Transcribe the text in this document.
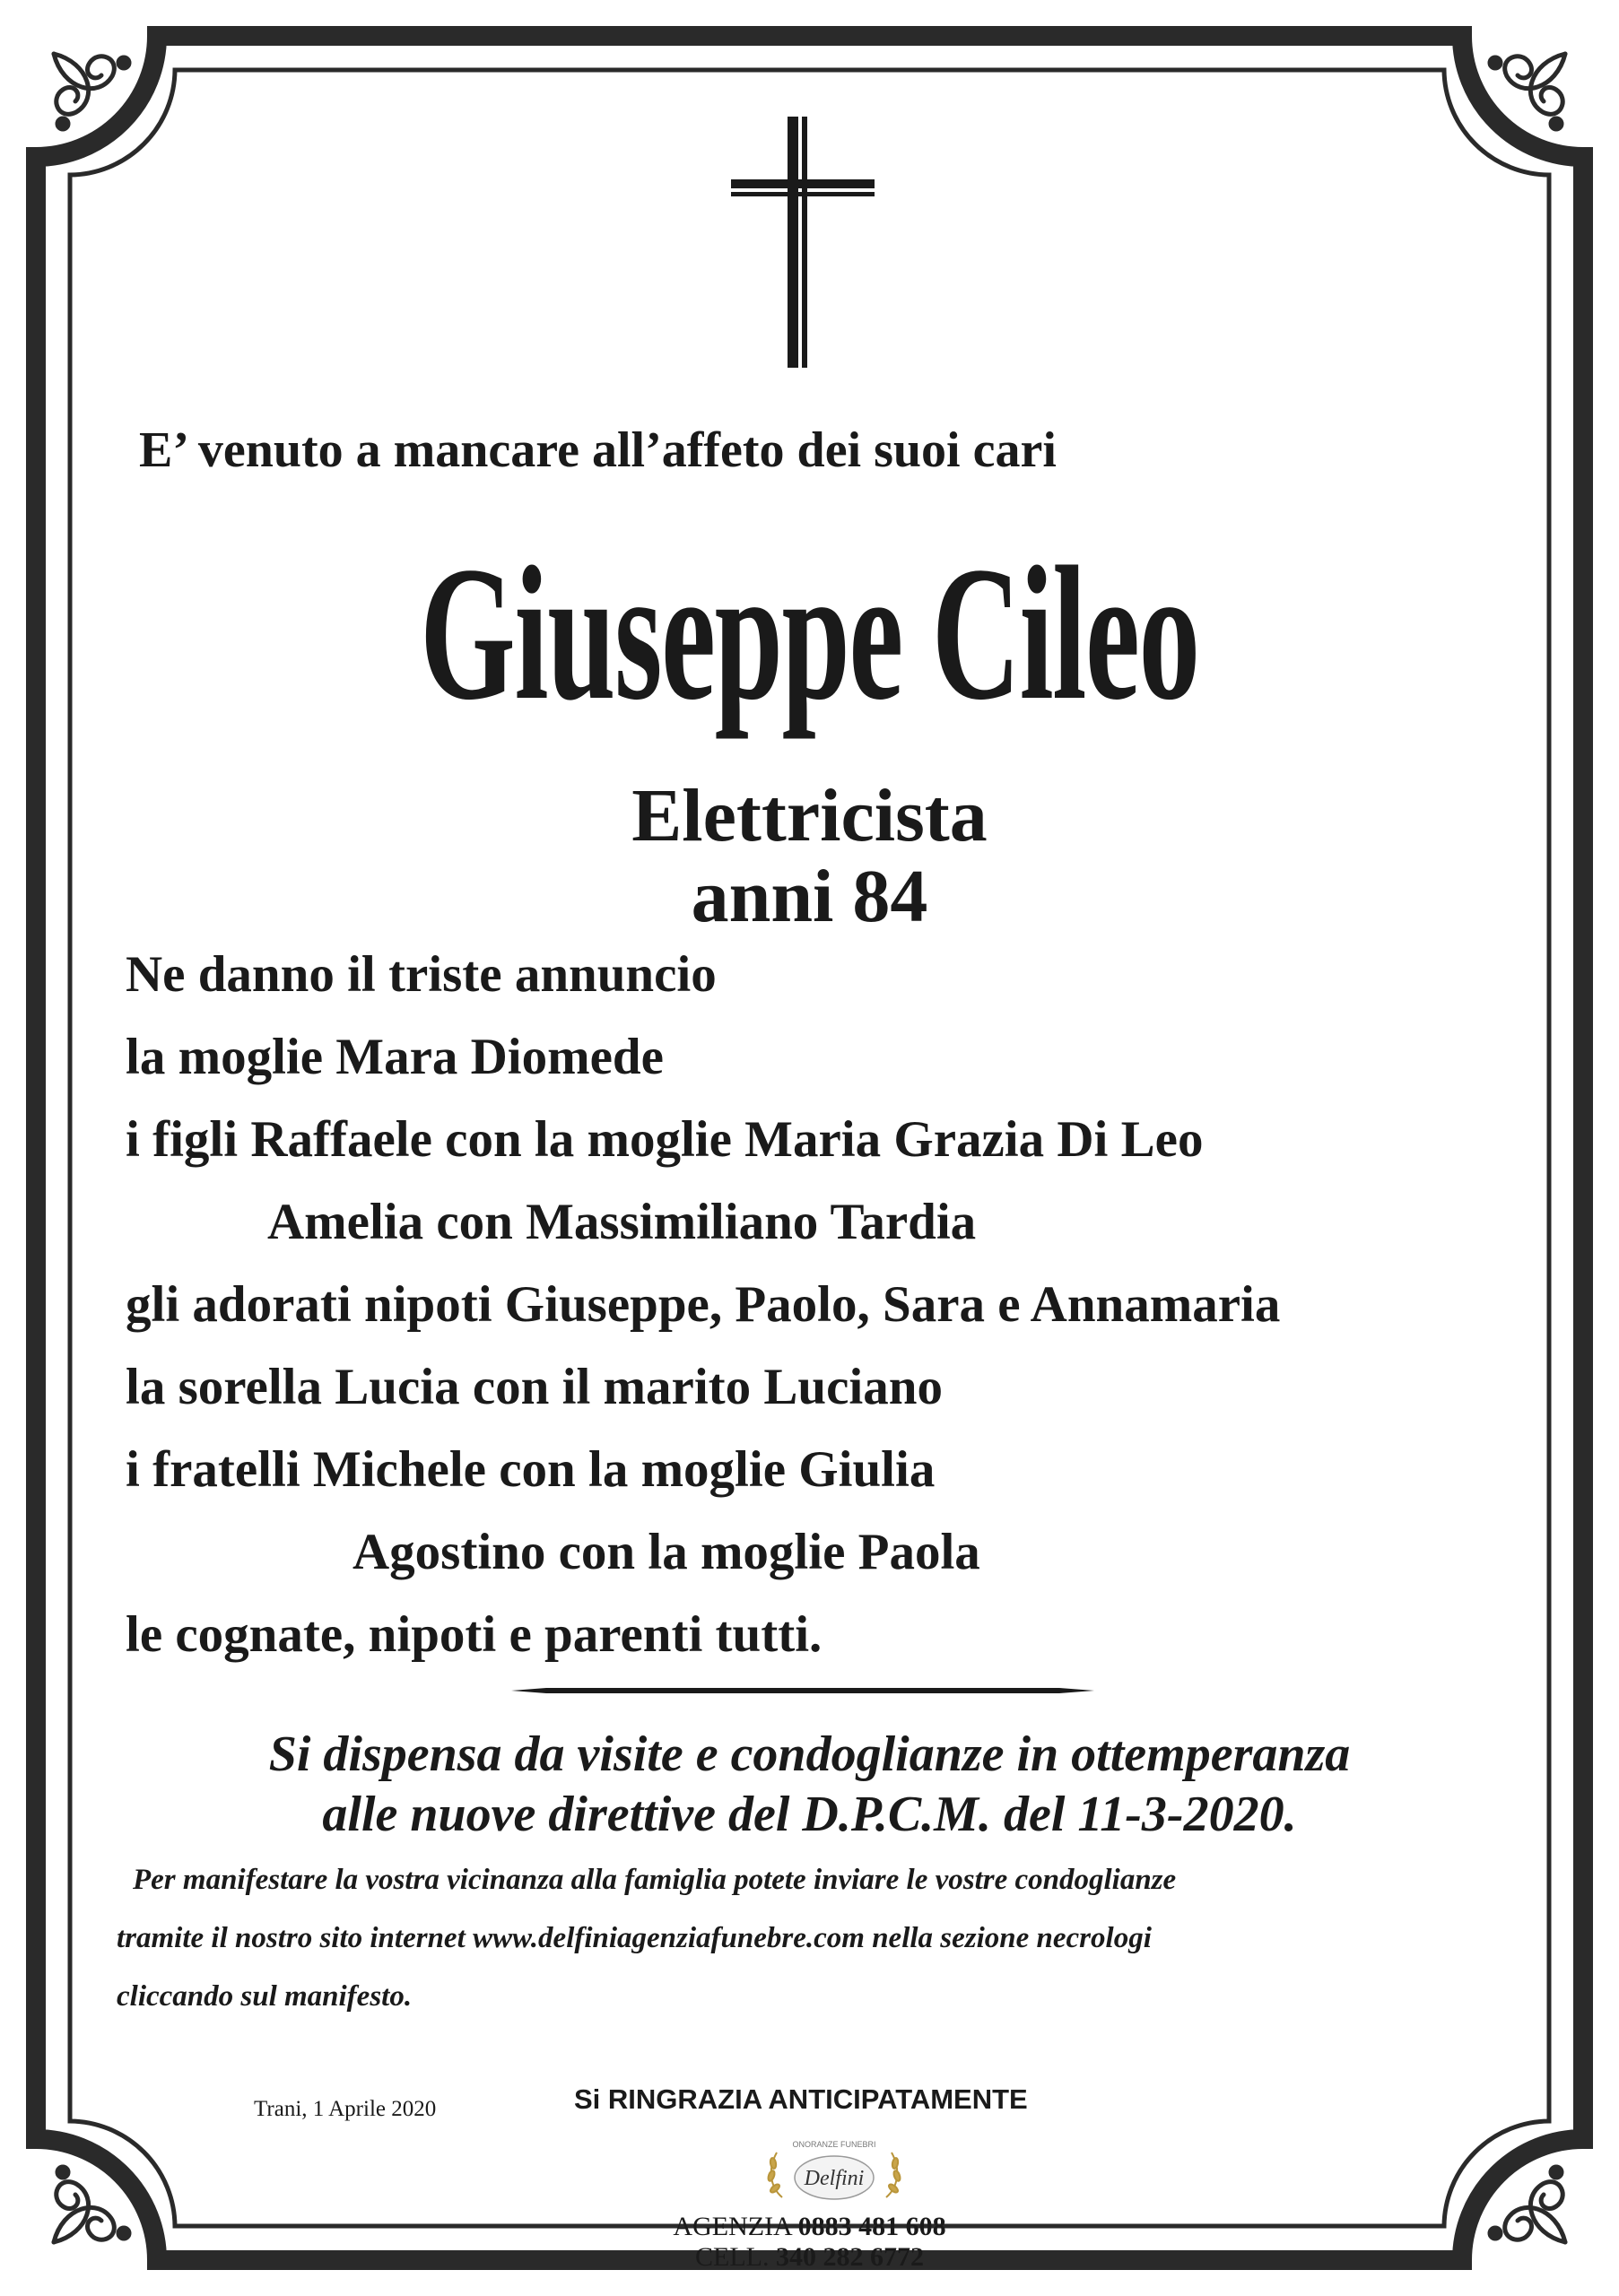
E’ venuto a mancare all’affeto dei suoi cari
Giuseppe Cileo
Elettricista
anni 84
Ne danno il triste annuncio
la moglie Mara Diomede
i figli Raffaele con la moglie Maria Grazia Di Leo
Amelia con Massimiliano Tardia
gli adorati nipoti Giuseppe, Paolo, Sara e Annamaria
la sorella Lucia con il marito Luciano
i fratelli Michele con la moglie Giulia
Agostino con la moglie Paola
le cognate, nipoti e parenti tutti.
Si dispensa da visite e condoglianze in ottemperanza
alle nuove direttive del D.P.C.M. del 11-3-2020.
Per manifestare la vostra vicinanza alla famiglia potete inviare le vostre condoglianze
tramite il nostro sito internet www.delfiniagenziafunebre.com nella sezione necrologi
cliccando sul manifesto.
Trani, 1 Aprile 2020	Si RINGRAZIA ANTICIPATAMENTE
ONORANZE FUNEBRI
Delfini
AGENZIA 0883 481 608
CELL. 340 282 6772
